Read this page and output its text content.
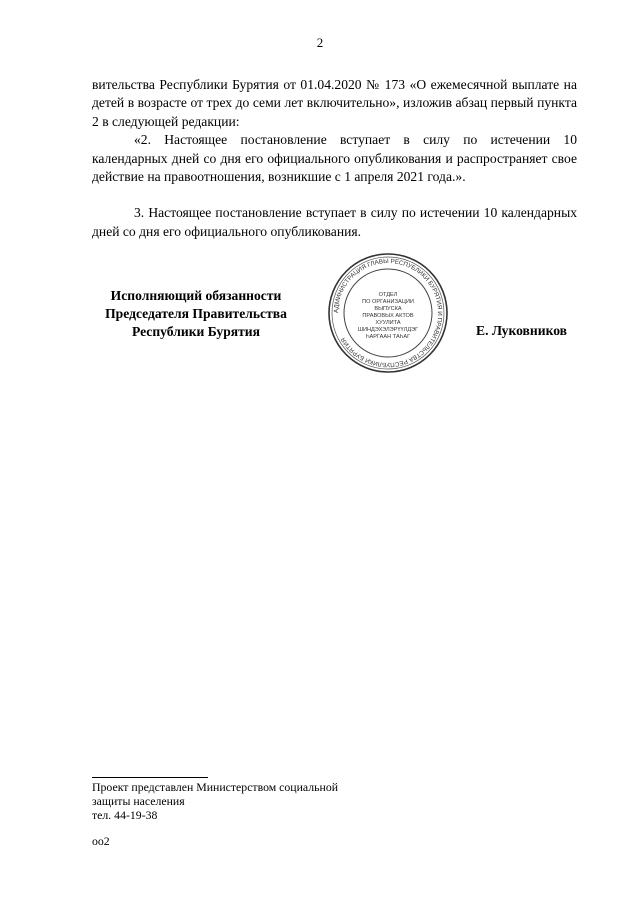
2

вительства Республики Бурятия от 01.04.2020 № 173 «О ежемесячной выплате на детей в возрасте от трех до семи лет включительно», изложив абзац первый пункта 2 в следующей редакции:

«2. Настоящее постановление вступает в силу по истечении 10 календарных дней со дня его официального опубликования и распространяет свое действие на правоотношения, возникшие с 1 апреля 2021 года.».

3. Настоящее постановление вступает в силу по истечении 10 календарных дней со дня его официального опубликования.

Исполняющий обязанности
Председателя Правительства
Республики Бурятия
АДМИНИСТРАЦИЯ ГЛАВЫ РЕСПУБЛИКИ БУРЯТИЯ И ПРАВИТЕЛЬСТВА РЕСПУБЛИКИ БУРЯТИЯ
ОТДЕЛ
ПО ОРГАНИЗАЦИИ
ВЫПУСКА
ПРАВОВЫХ АКТОВ
ХУУЛИТА
ШИНДЭХЭЛЭРҮҮЛДЭГ
ҺАРГААН ТАҺАГ	Е. Луковников
Проект представлен Министерством социальной
защиты населения
тел. 44-19-38
оо2
